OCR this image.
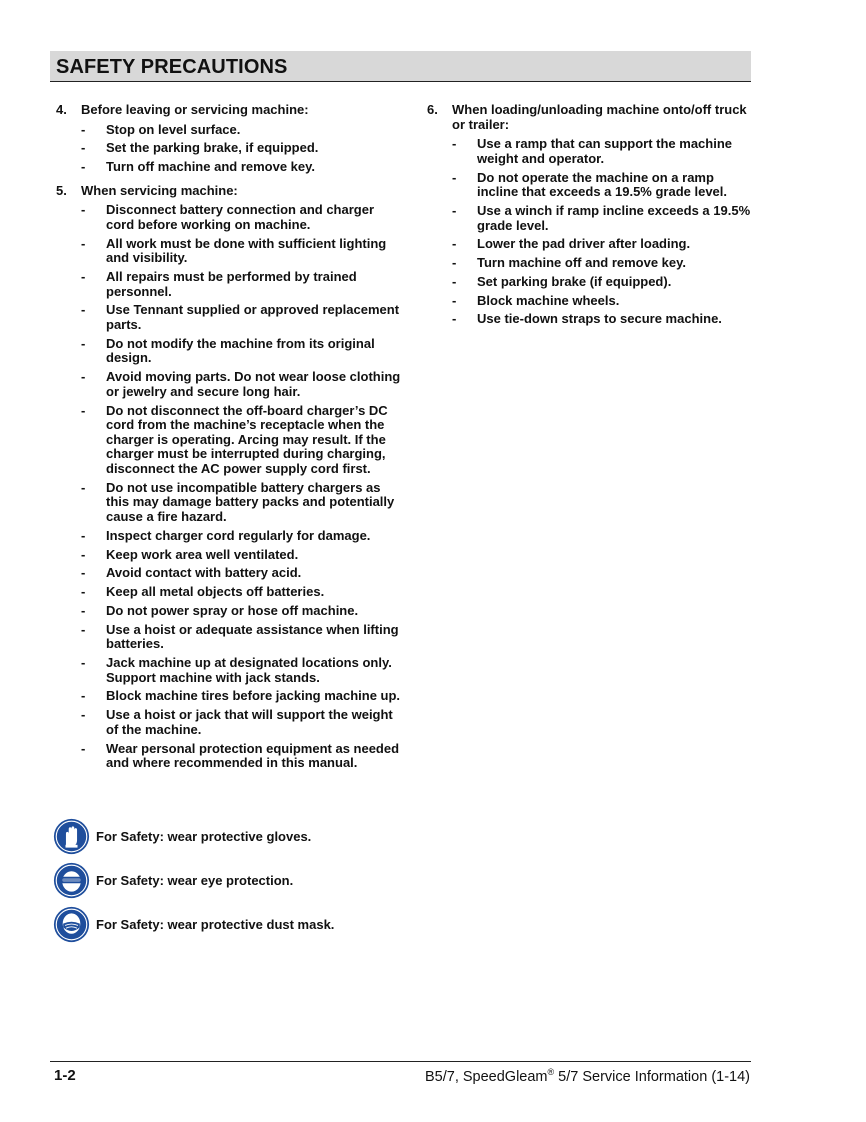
SAFETY PRECAUTIONS
4.	Before leaving or servicing machine:
-	Stop on level surface.
-	Set the parking brake, if equipped.
-	Turn off machine and remove key.
5.	When servicing machine:
-	Disconnect battery connection and charger cord before working on machine.
-	All work must be done with sufficient lighting and visibility.
-	All repairs must be performed by trained personnel.
-	Use Tennant supplied or approved replacement parts.
-	Do not modify the machine from its original design.
-	Avoid moving parts. Do not wear loose clothing or jewelry and secure long hair.
-	Do not disconnect the off-board charger’s DC cord from the machine’s receptacle when the charger is operating. Arcing may result. If the charger must be interrupted during charging, disconnect the AC power supply cord first.
-	Do not use incompatible battery chargers as this may damage battery packs and potentially cause a fire hazard.
-	Inspect charger cord regularly for damage.
-	Keep work area well ventilated.
-	Avoid contact with battery acid.
-	Keep all metal objects off batteries.
-	Do not power spray or hose off machine.
-	Use a hoist or adequate assistance when lifting batteries.
-	Jack machine up at designated locations only. Support machine with jack stands.
-	Block machine tires before jacking machine up.
-	Use a hoist or jack that will support the weight of the machine.
-	Wear personal protection equipment as needed and where recommended in this manual.
6.	When loading/unloading machine onto/off truck or trailer:
-	Use a ramp that can support the machine weight and operator.
-	Do not operate the machine on a ramp incline that exceeds a 19.5% grade level.
-	Use a winch if ramp incline exceeds a 19.5% grade level.
-	Lower the pad driver after loading.
-	Turn machine off and remove key.
-	Set parking brake (if equipped).
-	Block machine wheels.
-	Use tie-down straps to secure machine.
For Safety: wear protective gloves.
For Safety: wear eye protection.
For Safety: wear protective dust mask.
1-2	B5/7, SpeedGleam® 5/7 Service Information (1-14)
